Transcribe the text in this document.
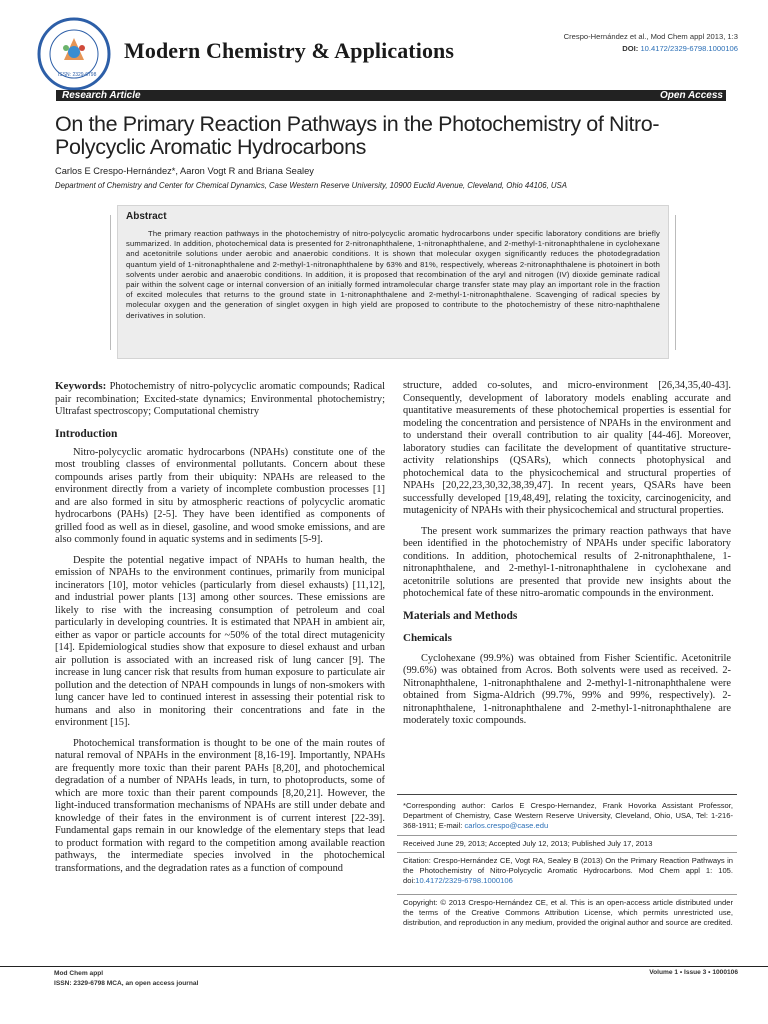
ISSN: 2329-6798
Modern Chemistry & Applications
Crespo-Hernández et al., Mod Chem appl 2013, 1:3
DOI: 10.4172/2329-6798.1000106
Research Article	Open Access
On the Primary Reaction Pathways in the Photochemistry of Nitro-Polycyclic Aromatic Hydrocarbons
Carlos E Crespo-Hernández*, Aaron Vogt R and Briana Sealey
Department of Chemistry and Center for Chemical Dynamics, Case Western Reserve University, 10900 Euclid Avenue, Cleveland, Ohio 44106, USA
Abstract
The primary reaction pathways in the photochemistry of nitro-polycyclic aromatic hydrocarbons under specific laboratory conditions are briefly summarized. In addition, photochemical data is presented for 2-nitronaphthalene, 1-nitronaphthalene, and 2-methyl-1-nitronaphthalene in cyclohexane and acetonitrile solutions under aerobic and anaerobic conditions. It is shown that molecular oxygen significantly reduces the photodegradation quantum yield of 1-nitronaphthalene and 2-methyl-1-nitronaphthalene by 63% and 81%, respectively, whereas 2-nitronaphthalene is photoinert in both solvents under aerobic and anaerobic conditions. In addition, it is proposed that recombination of the aryl and nitrogen (IV) dioxide geminate radical pair within the solvent cage or internal conversion of an initially formed intramolecular charge transfer state may play an important role in the fraction of excited molecules that returns to the ground state in 1-nitronaphthalene and 2-methyl-1-nitronaphthalene. Scavenging of radical species by molecular oxygen and the generation of singlet oxygen in high yield are proposed to contribute to the photochemistry of these nitro-naphthalene derivatives in solution.

Keywords: Photochemistry of nitro-polycyclic aromatic compounds; Radical pair recombination; Excited-state dynamics; Environmental photochemistry; Ultrafast spectroscopy; Computational chemistry

Introduction

Nitro-polycyclic aromatic hydrocarbons (NPAHs) constitute one of the most troubling classes of environmental pollutants. Concern about these compounds arises partly from their ubiquity: NPAHs are released to the environment directly from a variety of incomplete combustion processes [1] and are also formed in situ by atmospheric reactions of polycyclic aromatic hydrocarbons (PAHs) [2-5]. They have been identified as components of grilled food as well as in diesel, gasoline, and wood smoke emissions, and are also commonly found in aquatic systems and in sediments [5-9].

Despite the potential negative impact of NPAHs to human health, the emission of NPAHs to the environment continues, primarily from municipal incinerators [10], motor vehicles (particularly from diesel exhausts) [11,12], and industrial power plants [13] among other sources. These emissions are likely to rise with the increasing consumption of petroleum and coal particularly in developing countries. It is estimated that NPAH in ambient air, either as vapor or particle accounts for ~50% of the total direct mutagenicity [14]. Epidemiological studies show that exposure to diesel exhaust and urban air pollution is associated with an increased risk of lung cancer [9]. The increase in lung cancer risk that results from human exposure to particulate air pollution and the detection of NPAH compounds in lungs of non-smokers with lung cancer have led to continued interest in assessing their potential risk to humans and also in monitoring their concentrations and fate in the environment [15].

Photochemical transformation is thought to be one of the main routes of natural removal of NPAHs in the environment [8,16-19]. Importantly, NPAHs are frequently more toxic than their parent PAHs [8,20], and photochemical degradation of a number of NPAHs leads, in turn, to photoproducts, some of which are more toxic than their parent compounds [8,20,21]. However, the light-induced transformation mechanisms of NPAHs are still under debate and knowledge of their fates in the environment is of current interest [22-39]. Fundamental gaps remain in our knowledge of the elementary steps that lead to product formation with regard to the competition among available reaction pathways, the intermediate species involved in the photochemical transformations, and the degradation rates as a function of compound

structure, added co-solutes, and micro-environment [26,34,35,40-43]. Consequently, development of laboratory models enabling accurate and quantitative measurements of these photochemical properties is essential for modeling the concentration and persistence of NPAHs in the environment and to understand their overall contribution to air quality [44-46]. Moreover, laboratory studies can facilitate the development of quantitative structure-activity relationships (QSARs), which connects photophysical and photochemical data to the physicochemical and structural properties of NPAHs [20,22,23,30,32,38,39,47]. In recent years, QSARs have been successfully developed [19,48,49], relating the toxicity, carcinogenicity, and mutagenicity of NPAHs with their physicochemical and structural properties.

The present work summarizes the primary reaction pathways that have been identified in the photochemistry of NPAHs under specific laboratory conditions. In addition, photochemical results of 2-nitronaphthalene, 1-nitronaphthalene, and 2-methyl-1-nitronaphthalene in cyclohexane and acetonitrile solutions are presented that provide new insights about the photochemical fate of these nitro-aromatic compounds in the environment.

Materials and Methods

Chemicals

Cyclohexane (99.9%) was obtained from Fisher Scientific. Acetonitrile (99.6%) was obtained from Acros. Both solvents were used as received. 2-Nitronaphthalene, 1-nitronaphthalene and 2-methyl-1-nitronaphthalene were obtained from Sigma-Aldrich (99.7%, 99% and 99%, respectively). 2-nitronaphthalene, 1-nitronaphthalene and 2-methyl-1-nitronaphthalene are moderately toxic compounds.

*Corresponding author: Carlos E Crespo-Hernandez, Frank Hovorka Assistant Professor, Department of Chemistry, Case Western Reserve University, Cleveland, Ohio, USA, Tel: 1-216-368-1911; E-mail: carlos.crespo@case.edu
Received June 29, 2013; Accepted July 12, 2013; Published July 17, 2013
Citation: Crespo-Hernández CE, Vogt RA, Sealey B (2013) On the Primary Reaction Pathways in the Photochemistry of Nitro-Polycyclic Aromatic Hydrocarbons. Mod Chem appl 1: 105. doi:10.4172/2329-6798.1000106
Copyright: © 2013 Crespo-Hernández CE, et al. This is an open-access article distributed under the terms of the Creative Commons Attribution License, which permits unrestricted use, distribution, and reproduction in any medium, provided the original author and source are credited.
Mod Chem appl
ISSN: 2329-6798 MCA, an open access journal
Volume 1 • Issue 3 • 1000106
